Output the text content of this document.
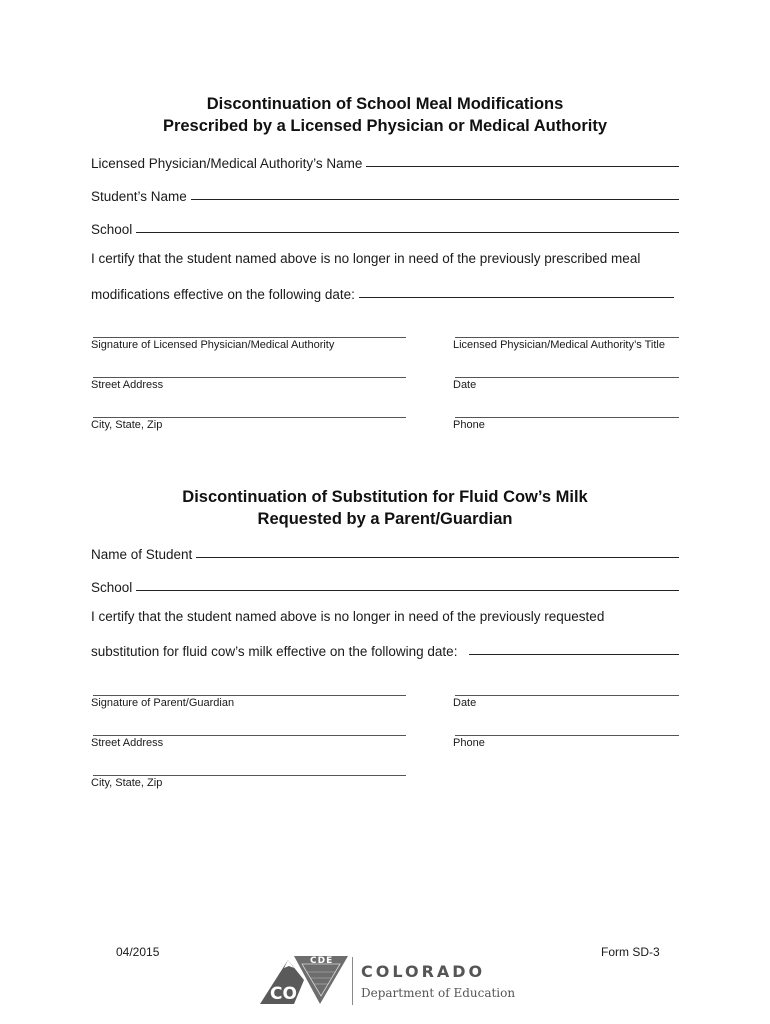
Discontinuation of School Meal Modifications
Prescribed by a Licensed Physician or Medical Authority
Licensed Physician/Medical Authority’s Name
Student’s Name
School
I certify that the student named above is no longer in need of the previously prescribed meal
modifications effective on the following date:
Signature of Licensed Physician/Medical Authority	Licensed Physician/Medical Authority’s Title
Street Address	Date
City, State, Zip	Phone
Discontinuation of Substitution for Fluid Cow’s Milk
Requested by a Parent/Guardian
Name of Student
School
I certify that the student named above is no longer in need of the previously requested
substitution for fluid cow’s milk effective on the following date:
Signature of Parent/Guardian	Date
Street Address	Phone
City, State, Zip
04/2015	Form SD-3
CDE
CO
COLORADO
Department of Education
